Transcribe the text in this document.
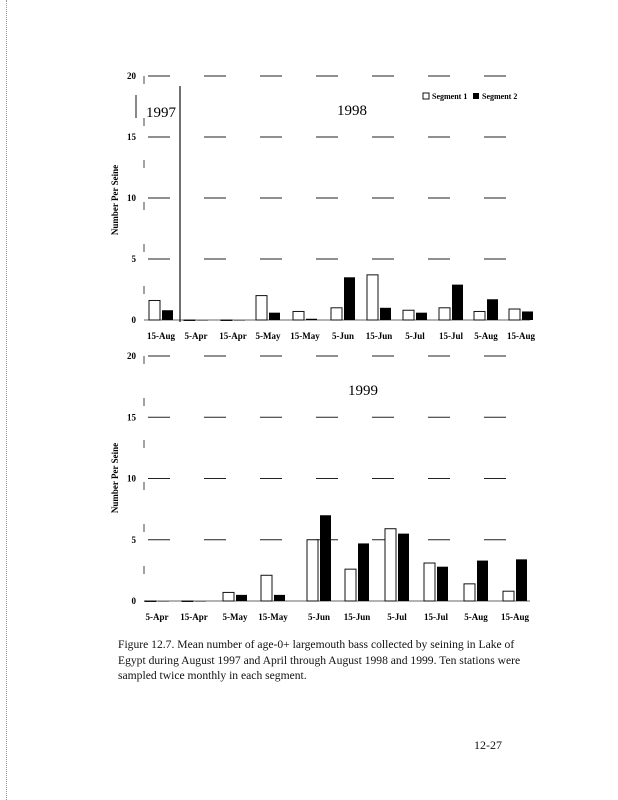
0
5
10
15
20
Number Per Seine
15-Aug 5-Apr 15-Apr 5-May 15-May 5-Jun 15-Jun 5-Jul 15-Jul 5-Aug 15-Aug
1997	1998
Segment 1 Segment 2
0
5
10
15
20
Number Per Seine
5-Apr 15-Apr 5-May 15-May 5-Jun 15-Jun 5-Jul 15-Jul 5-Aug 15-Aug
1999
Figure 12.7. Mean number of age-0+ largemouth bass collected by seining in Lake of Egypt during August 1997 and April through August 1998 and 1999. Ten stations were sampled twice monthly in each segment.
12-27
